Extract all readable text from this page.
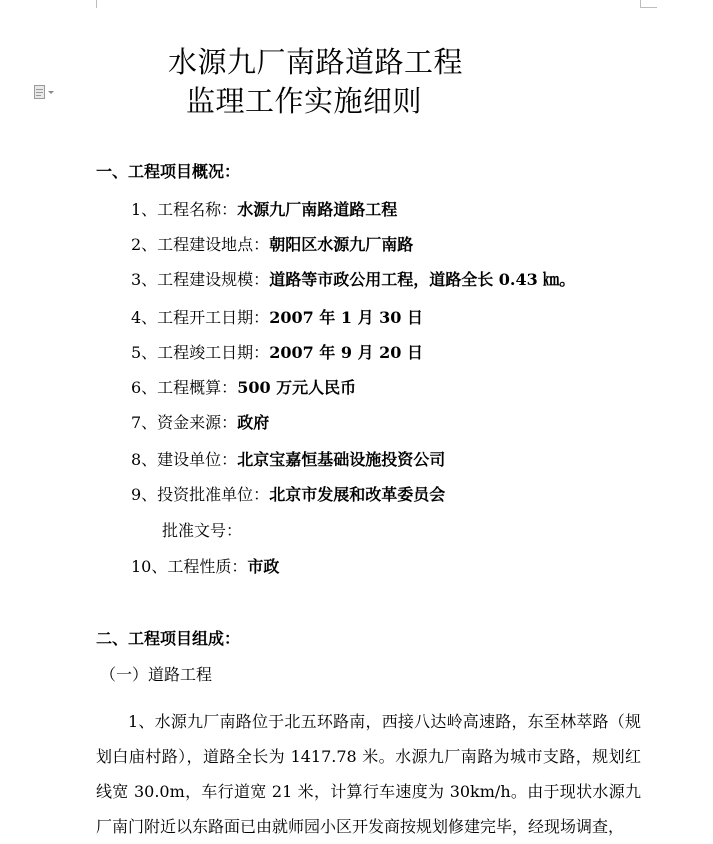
水源九厂南路道路工程
监理工作实施细则
一、工程项目概况：
1、工程名称：水源九厂南路道路工程
2、工程建设地点：朝阳区水源九厂南路
3、工程建设规模：道路等市政公用工程，道路全长 0.43 ㎞。
4、工程开工日期：2007 年 1 月 30 日
5、工程竣工日期：2007 年 9 月 20 日
6、工程概算：500 万元人民币
7、资金来源：政府
8、建设单位：北京宝嘉恒基础设施投资公司
9、投资批准单位：北京市发展和改革委员会
批准文号：
10、工程性质：市政
二、工程项目组成：
（一）道路工程
1、水源九厂南路位于北五环路南，西接八达岭高速路，东至林萃路（规划白庙村路），道路全长为 1417.78 米。水源九厂南路为城市支路，规划红线宽 30.0m，车行道宽 21 米，计算行车速度为 30km/h。由于现状水源九厂南门附近以东路面已由就师园小区开发商按规划修建完毕，经现场调查，
